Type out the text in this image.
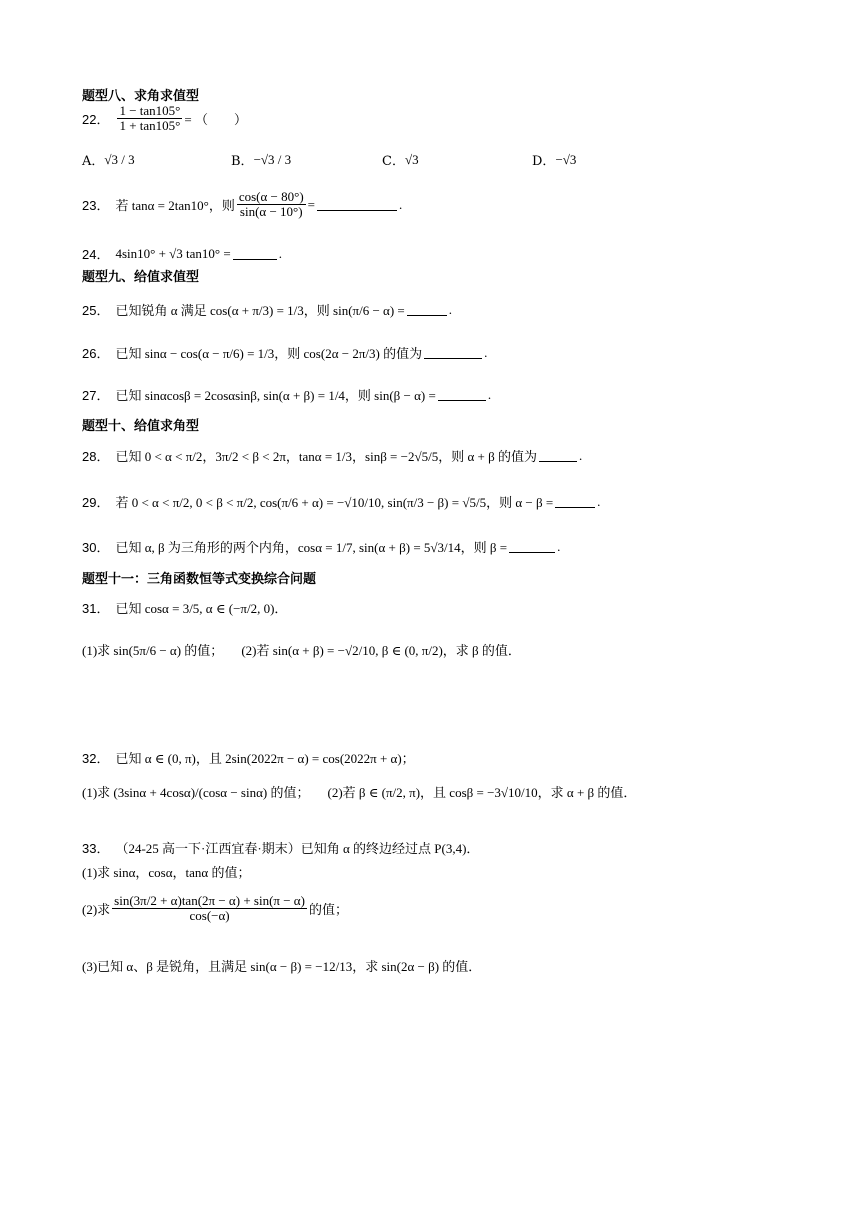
题型八、求角求值型
22． $\frac{1 - \tan 105^\circ}{1 + \tan 105^\circ}$ = （　　）
A． √3 / 3	B． −√3 / 3	C． √3	D． −√3
23． 若 tanα = 2tan10°，则 $\frac{\cos(\alpha - 80^\circ)}{\sin(\alpha - 10^\circ)}$ =	.
24． 4sin10° + √3 tan10° =	.
题型九、给值求值型
25． 已知锐角 α 满足 cos(α + π/3) = 1/3，则 sin(π/6 − α) =	.
26． 已知 sinα − cos(α − π/6) = 1/3，则 cos(2α − 2π/3) 的值为	.
27． 已知 sinαcosβ = 2cosαsinβ, sin(α + β) = 1/4，则 sin(β − α) =	.
题型十、给值求角型
28． 已知 0 < α < π/2，3π/2 < β < 2π，tanα = 1/3，sinβ = −2√5/5，则 α + β 的值为	.
29． 若 0 < α < π/2, 0 < β < π/2, cos(π/6 + α) = −√10/10, sin(π/3 − β) = √5/5，则 α − β =	.
30． 已知 α, β 为三角形的两个内角，cosα = 1/7, sin(α + β) = 5√3/14，则 β =	.
题型十一：三角函数恒等式变换综合问题
31． 已知 cosα = 3/5, α ∈ (−π/2, 0)．
(1)求 sin(5π/6 − α) 的值； (2)若 sin(α + β) = −√2/10, β ∈ (0, π/2)，求 β 的值．
32． 已知 α ∈ (0, π)，且 2sin(2022π − α) = cos(2022π + α)；
(1)求 (3sinα + 4cosα)/(cosα − sinα) 的值； (2)若 β ∈ (π/2, π)，且 cosβ = −3√10/10，求 α + β 的值．
33． （24-25 高一下·江西宜春·期末）已知角 α 的终边经过点 P(3,4)．
(1)求 sinα，cosα，tanα 的值；
(2)求 $\frac{\sin(3\pi/2 + \alpha)\tan(2\pi - \alpha) + \sin(\pi - \alpha)}{\cos(-\alpha)}$ 的值；
(3)已知 α、β 是锐角，且满足 sin(α − β) = −12/13，求 sin(2α − β) 的值．
